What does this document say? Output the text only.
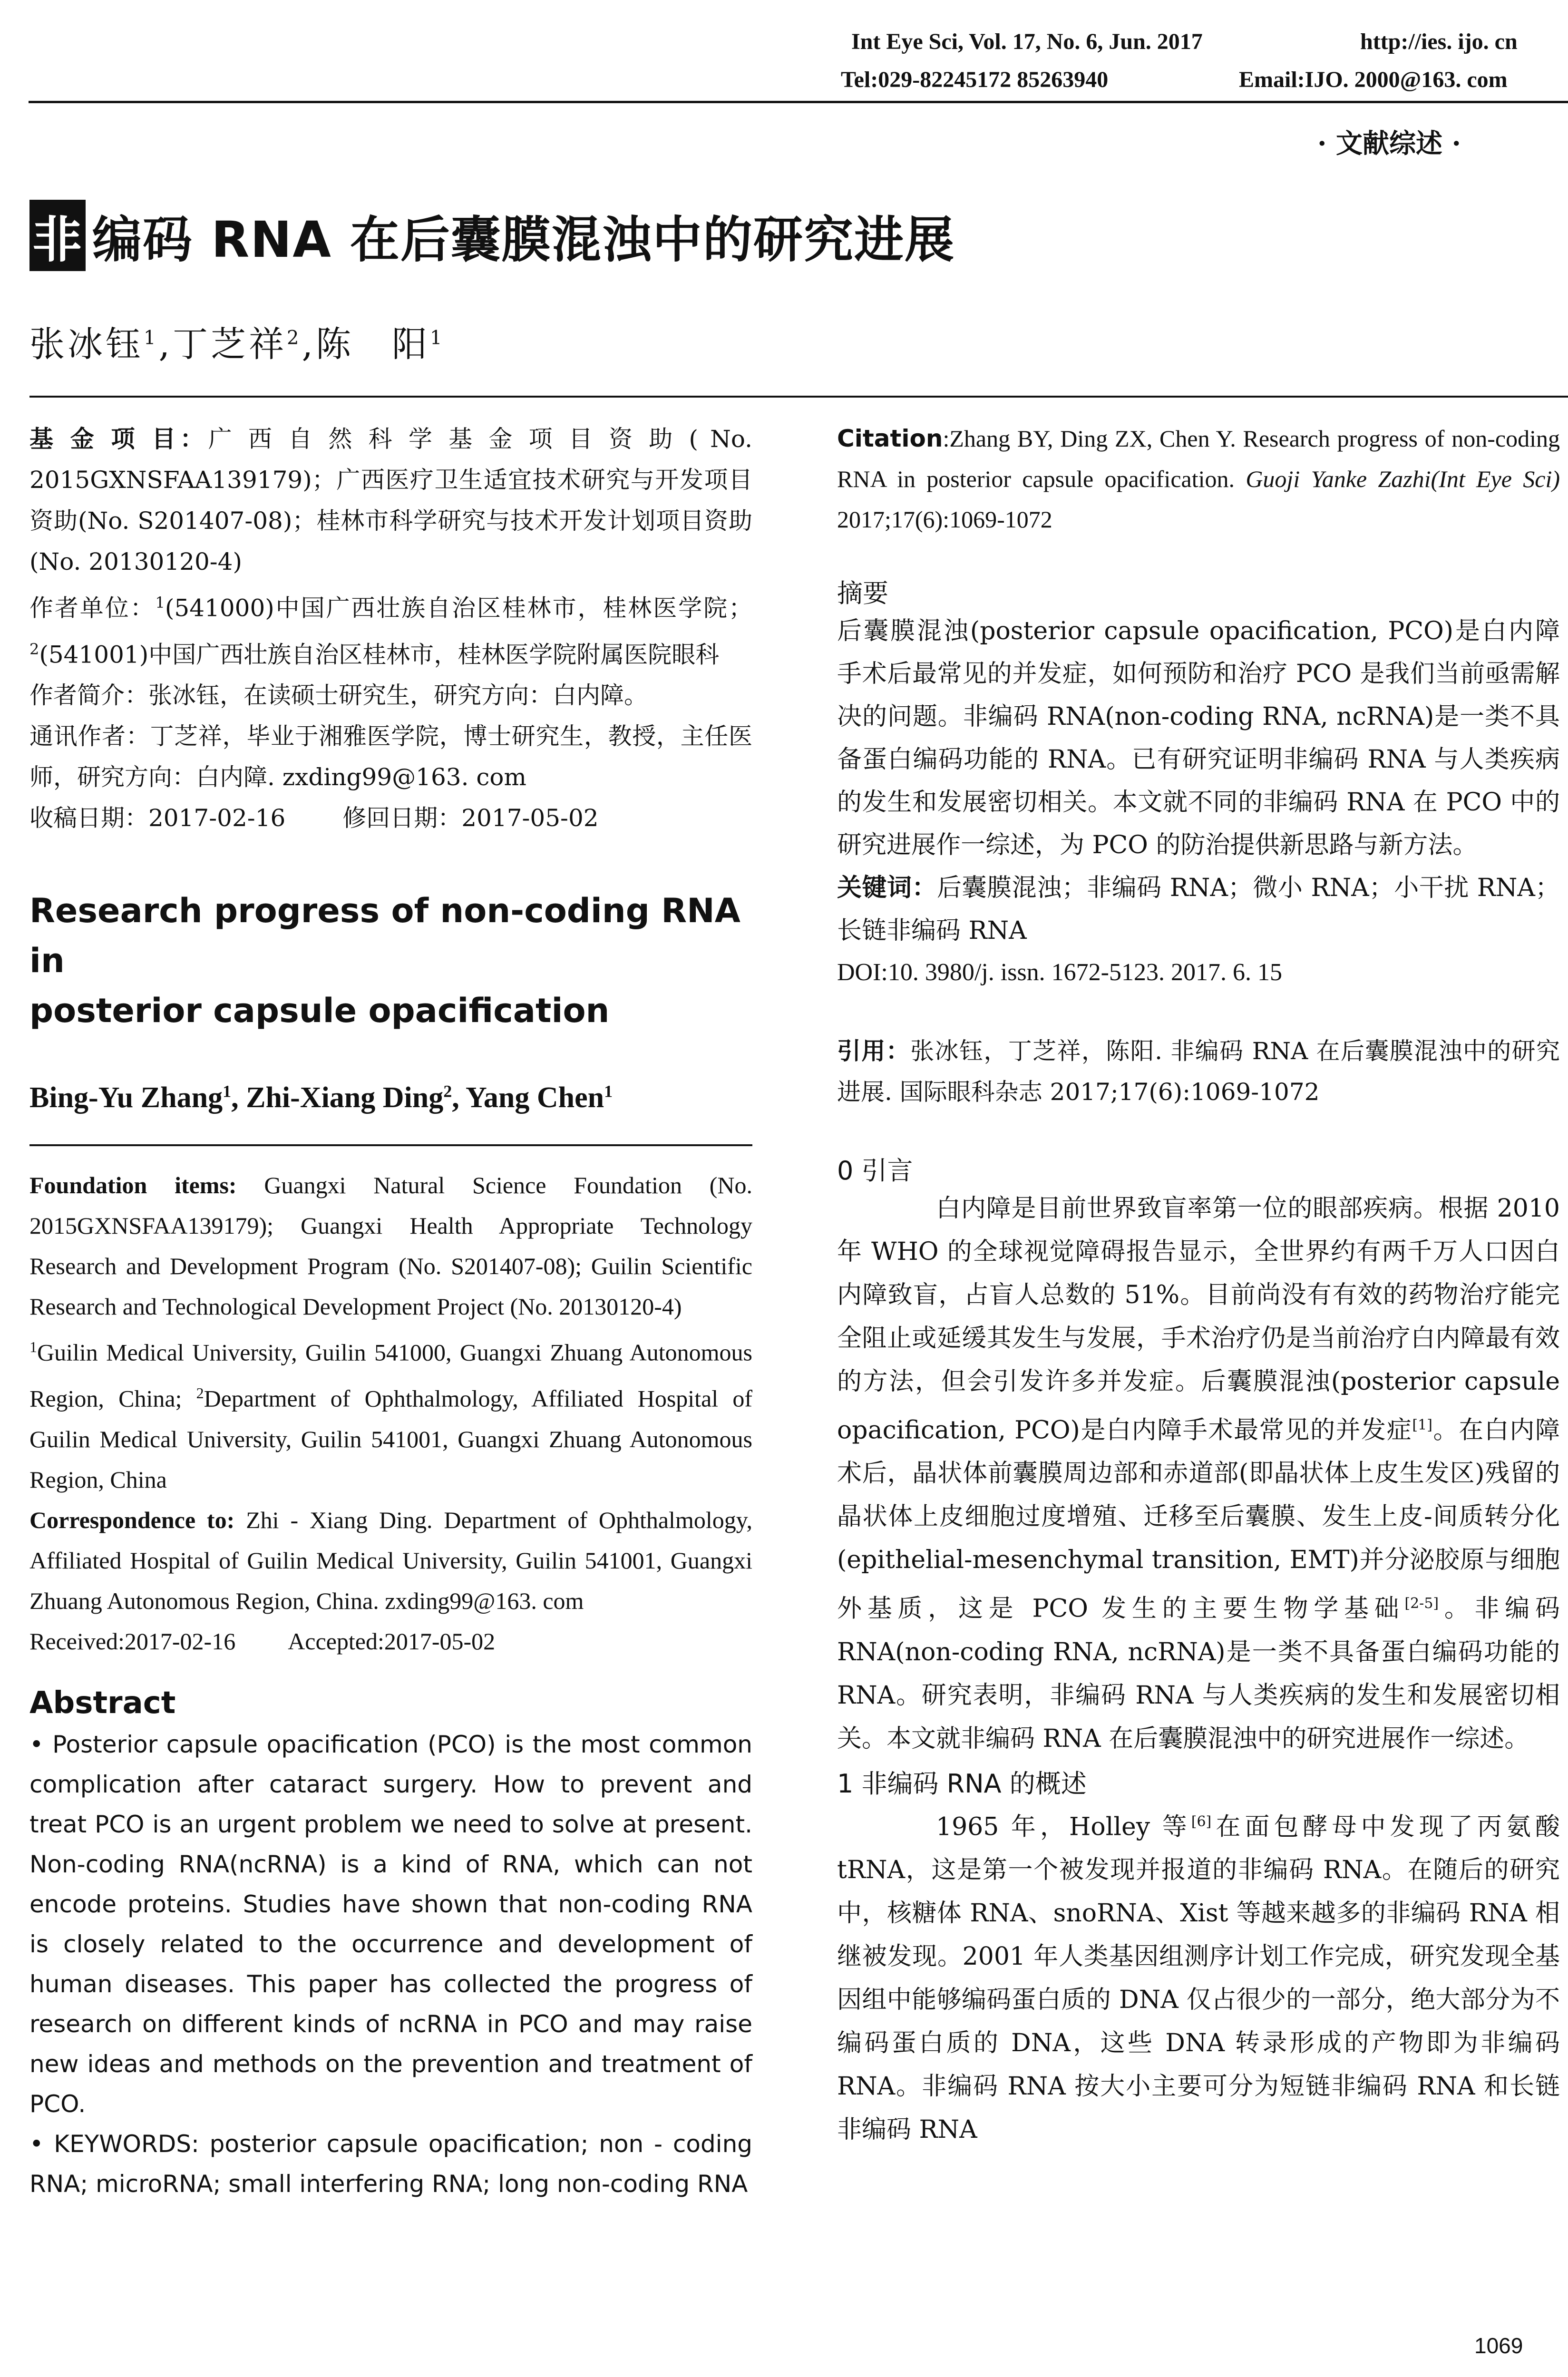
Int Eye Sci, Vol. 17, No. 6, Jun. 2017	http://ies. ijo. cn
Tel:029-82245172 85263940	Email:IJO. 2000@163. com
· 文献综述 ·
非 编码 RNA 在后囊膜混浊中的研究进展
张冰钰$^1$,丁芝祥$^2$,陈　阳$^1$
基 金 项 目：广 西 自 然 科 学 基 金 项 目 资 助 ( No. 2015GXNSFAA139179)；广西医疗卫生适宜技术研究与开发项目资助(No. S201407-08)；桂林市科学研究与技术开发计划项目资助(No. 20130120-4)
作者单位：$^1$(541000)中国广西壮族自治区桂林市，桂林医学院；$^2$(541001)中国广西壮族自治区桂林市，桂林医学院附属医院眼科
作者简介：张冰钰，在读硕士研究生，研究方向：白内障。
通讯作者：丁芝祥，毕业于湘雅医学院，博士研究生，教授，主任医师，研究方向：白内障. zxding99@163. com
收稿日期：2017-02-16 修回日期：2017-05-02
Research progress of non-coding RNA in
posterior capsule opacification
Bing-Yu Zhang$^1$, Zhi-Xiang Ding$^2$, Yang Chen$^1$
Foundation items: Guangxi Natural Science Foundation (No. 2015GXNSFAA139179); Guangxi Health Appropriate Technology Research and Development Program (No. S201407-08); Guilin Scientific Research and Technological Development Project (No. 20130120-4)
$^1$Guilin Medical University, Guilin 541000, Guangxi Zhuang Autonomous Region, China; $^2$Department of Ophthalmology, Affiliated Hospital of Guilin Medical University, Guilin 541001, Guangxi Zhuang Autonomous Region, China
Correspondence to: Zhi - Xiang Ding. Department of Ophthalmology, Affiliated Hospital of Guilin Medical University, Guilin 541001, Guangxi Zhuang Autonomous Region, China. zxding99@163. com
Received:2017-02-16 Accepted:2017-05-02
Abstract
• Posterior capsule opacification (PCO) is the most common complication after cataract surgery. How to prevent and treat PCO is an urgent problem we need to solve at present. Non-coding RNA(ncRNA) is a kind of RNA, which can not encode proteins. Studies have shown that non-coding RNA is closely related to the occurrence and development of human diseases. This paper has collected the progress of research on different kinds of ncRNA in PCO and may raise new ideas and methods on the prevention and treatment of PCO.
• KEYWORDS: posterior capsule opacification; non - coding RNA; microRNA; small interfering RNA; long non-coding RNA
Citation:Zhang BY, Ding ZX, Chen Y. Research progress of non-coding RNA in posterior capsule opacification. Guoji Yanke Zazhi(Int Eye Sci) 2017;17(6):1069-1072
摘要
后囊膜混浊(posterior capsule opacification, PCO)是白内障手术后最常见的并发症，如何预防和治疗 PCO 是我们当前亟需解决的问题。非编码 RNA(non-coding RNA, ncRNA)是一类不具备蛋白编码功能的 RNA。已有研究证明非编码 RNA 与人类疾病的发生和发展密切相关。本文就不同的非编码 RNA 在 PCO 中的研究进展作一综述，为 PCO 的防治提供新思路与新方法。
关键词：后囊膜混浊；非编码 RNA；微小 RNA；小干扰 RNA；长链非编码 RNA
DOI:10. 3980/j. issn. 1672-5123. 2017. 6. 15
引用：张冰钰，丁芝祥，陈阳. 非编码 RNA 在后囊膜混浊中的研究进展. 国际眼科杂志 2017;17(6):1069-1072
0 引言
白内障是目前世界致盲率第一位的眼部疾病。根据 2010 年 WHO 的全球视觉障碍报告显示，全世界约有两千万人口因白内障致盲，占盲人总数的 51%。目前尚没有有效的药物治疗能完全阻止或延缓其发生与发展，手术治疗仍是当前治疗白内障最有效的方法，但会引发许多并发症。后囊膜混浊(posterior capsule opacification, PCO)是白内障手术最常见的并发症[1]。在白内障术后，晶状体前囊膜周边部和赤道部(即晶状体上皮生发区)残留的晶状体上皮细胞过度增殖、迁移至后囊膜、发生上皮-间质转分化(epithelial-mesenchymal transition, EMT)并分泌胶原与细胞外基质，这是 PCO 发生的主要生物学基础[2-5]。非编码 RNA(non-coding RNA, ncRNA)是一类不具备蛋白编码功能的 RNA。研究表明，非编码 RNA 与人类疾病的发生和发展密切相关。本文就非编码 RNA 在后囊膜混浊中的研究进展作一综述。
1 非编码 RNA 的概述
1965 年，Holley 等[6]在面包酵母中发现了丙氨酸 tRNA，这是第一个被发现并报道的非编码 RNA。在随后的研究中，核糖体 RNA、snoRNA、Xist 等越来越多的非编码 RNA 相继被发现。2001 年人类基因组测序计划工作完成，研究发现全基因组中能够编码蛋白质的 DNA 仅占很少的一部分，绝大部分为不编码蛋白质的 DNA，这些 DNA 转录形成的产物即为非编码 RNA。非编码 RNA 按大小主要可分为短链非编码 RNA 和长链非编码 RNA
1069
